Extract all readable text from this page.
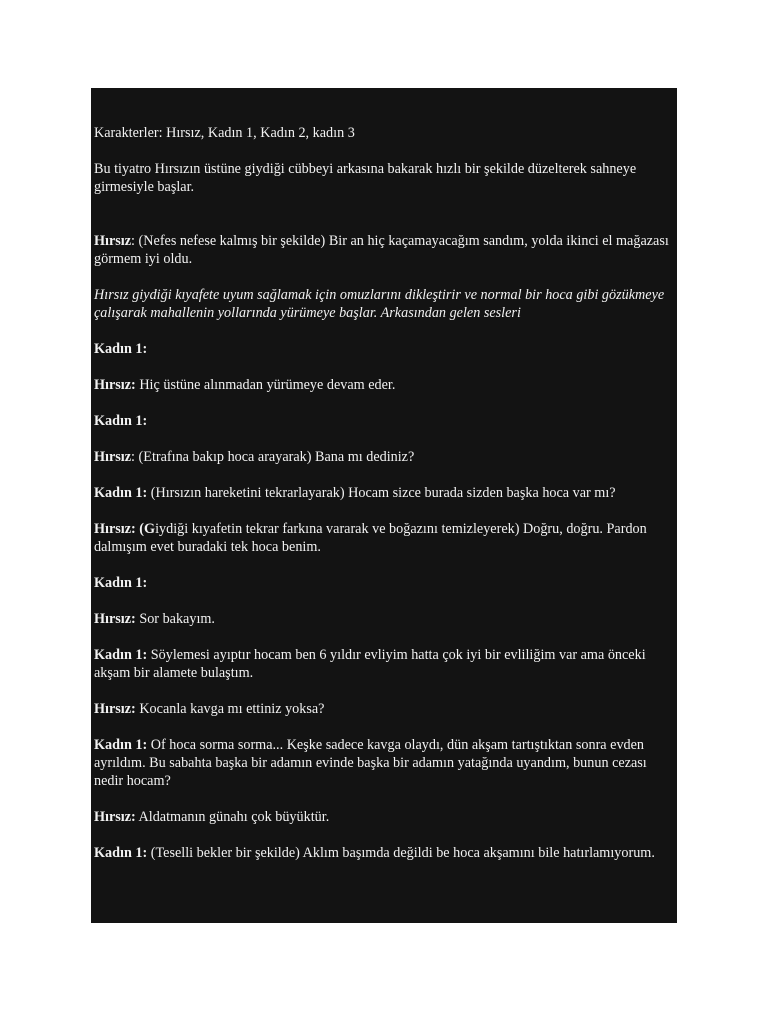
Karakterler: Hırsız, Kadın 1, Kadın 2, kadın 3

Bu tiyatro Hırsızın üstüne giydiği cübbeyi arkasına bakarak hızlı bir şekilde düzelterek sahneye girmesiyle başlar.

Hırsız: (Nefes nefese kalmış bir şekilde) Bir an hiç kaçamayacağım sandım, yolda ikinci el mağazası görmem iyi oldu.

Hırsız giydiği kıyafete uyum sağlamak için omuzlarını dikleştirir ve normal bir hoca gibi gözükmeye çalışarak mahallenin yollarında yürümeye başlar. Arkasından gelen sesleri

Kadın 1:

Hırsız: Hiç üstüne alınmadan yürümeye devam eder.

Kadın 1:

Hırsız: (Etrafına bakıp hoca arayarak) Bana mı dediniz?

Kadın 1: (Hırsızın hareketini tekrarlayarak) Hocam sizce burada sizden başka hoca var mı?

Hırsız: (Giydiği kıyafetin tekrar farkına vararak ve boğazını temizleyerek) Doğru, doğru. Pardon dalmışım evet buradaki tek hoca benim.

Kadın 1:

Hırsız: Sor bakayım.

Kadın 1: Söylemesi ayıptır hocam ben 6 yıldır evliyim hatta çok iyi bir evliliğim var ama önceki akşam bir alamete bulaştım.

Hırsız: Kocanla kavga mı ettiniz yoksa?

Kadın 1: Of hoca sorma sorma... Keşke sadece kavga olaydı, dün akşam tartıştıktan sonra evden ayrıldım. Bu sabahta başka bir adamın evinde başka bir adamın yatağında uyandım, bunun cezası nedir hocam?

Hırsız: Aldatmanın günahı çok büyüktür.

Kadın 1: (Teselli bekler bir şekilde) Aklım başımda değildi be hoca akşamını bile hatırlamıyorum.
